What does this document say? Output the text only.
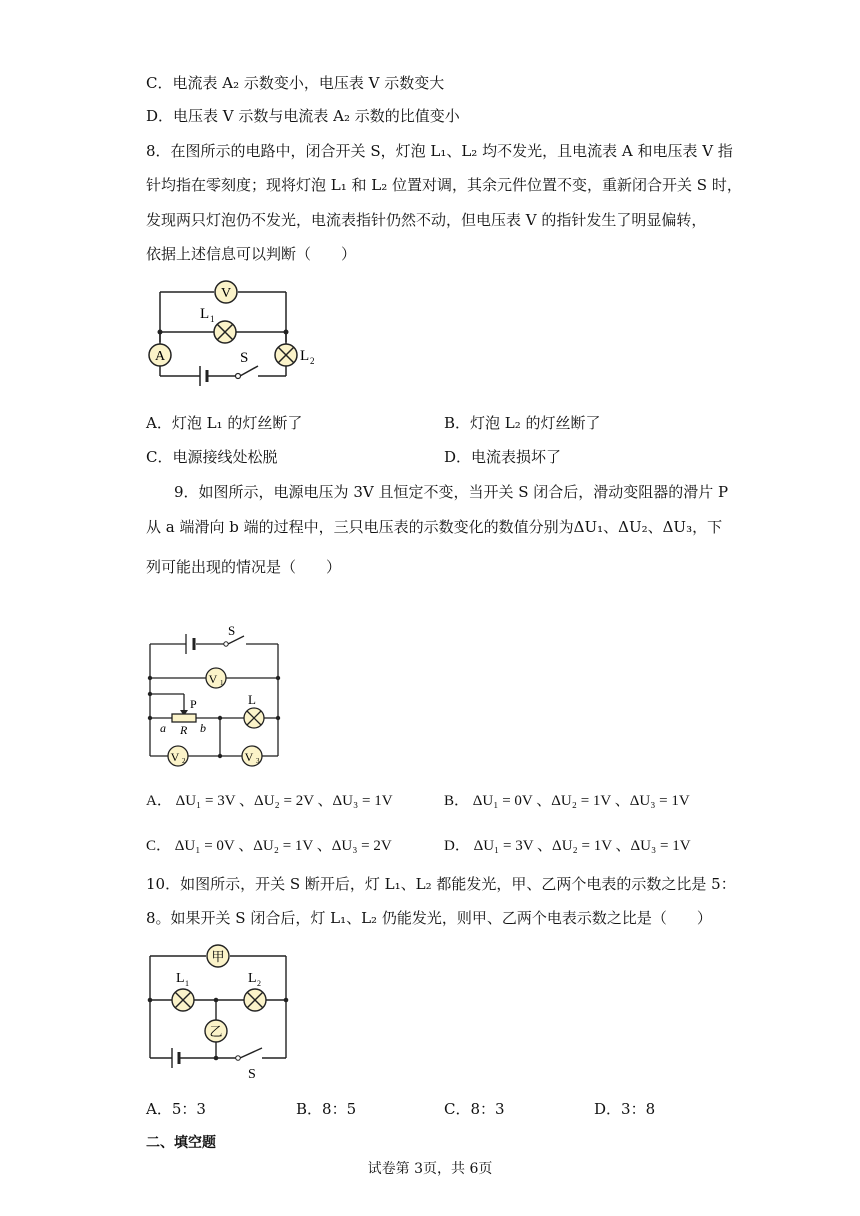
C．电流表 A₂ 示数变小，电压表 V 示数变大
D．电压表 V 示数与电流表 A₂ 示数的比值变小
8．在图所示的电路中，闭合开关 S，灯泡 L₁、L₂ 均不发光，且电流表 A 和电压表 V 指
针均指在零刻度；现将灯泡 L₁ 和 L₂ 位置对调，其余元件位置不变，重新闭合开关 S 时，
发现两只灯泡仍不发光，电流表指针仍然不动，但电压表 V 的指针发生了明显偏转，
依据上述信息可以判断（　　）
V
L 1
A	L 2
S
A．灯泡 L₁ 的灯丝断了	B．灯泡 L₂ 的灯丝断了
C．电源接线处松脱	D．电流表损坏了
9．如图所示，电源电压为 3V 且恒定不变，当开关 S 闭合后，滑动变阻器的滑片 P
从 a 端滑向 b 端的过程中，三只电压表的示数变化的数值分别为ΔU₁、ΔU₂、ΔU₃，下
列可能出现的情况是（　　）
S
V 1
L
P
a R b
V 2	V 3
A． ΔU₁ = 3V 、ΔU₂ = 2V 、ΔU₃ = 1V	B． ΔU₁ = 0V 、ΔU₂ = 1V 、ΔU₃ = 1V
C． ΔU₁ = 0V 、ΔU₂ = 1V 、ΔU₃ = 2V	D． ΔU₁ = 3V 、ΔU₂ = 1V 、ΔU₃ = 1V
10．如图所示，开关 S 断开后，灯 L₁、L₂ 都能发光，甲、乙两个电表的示数之比是 5：
8。如果开关 S 闭合后，灯 L₁、L₂ 仍能发光，则甲、乙两个电表示数之比是（　　）
甲
L 1	L 2
乙
S
A．5：3	B．8：5	C．8：3	D．3：8
二、填空题
试卷第 3页，共 6页
